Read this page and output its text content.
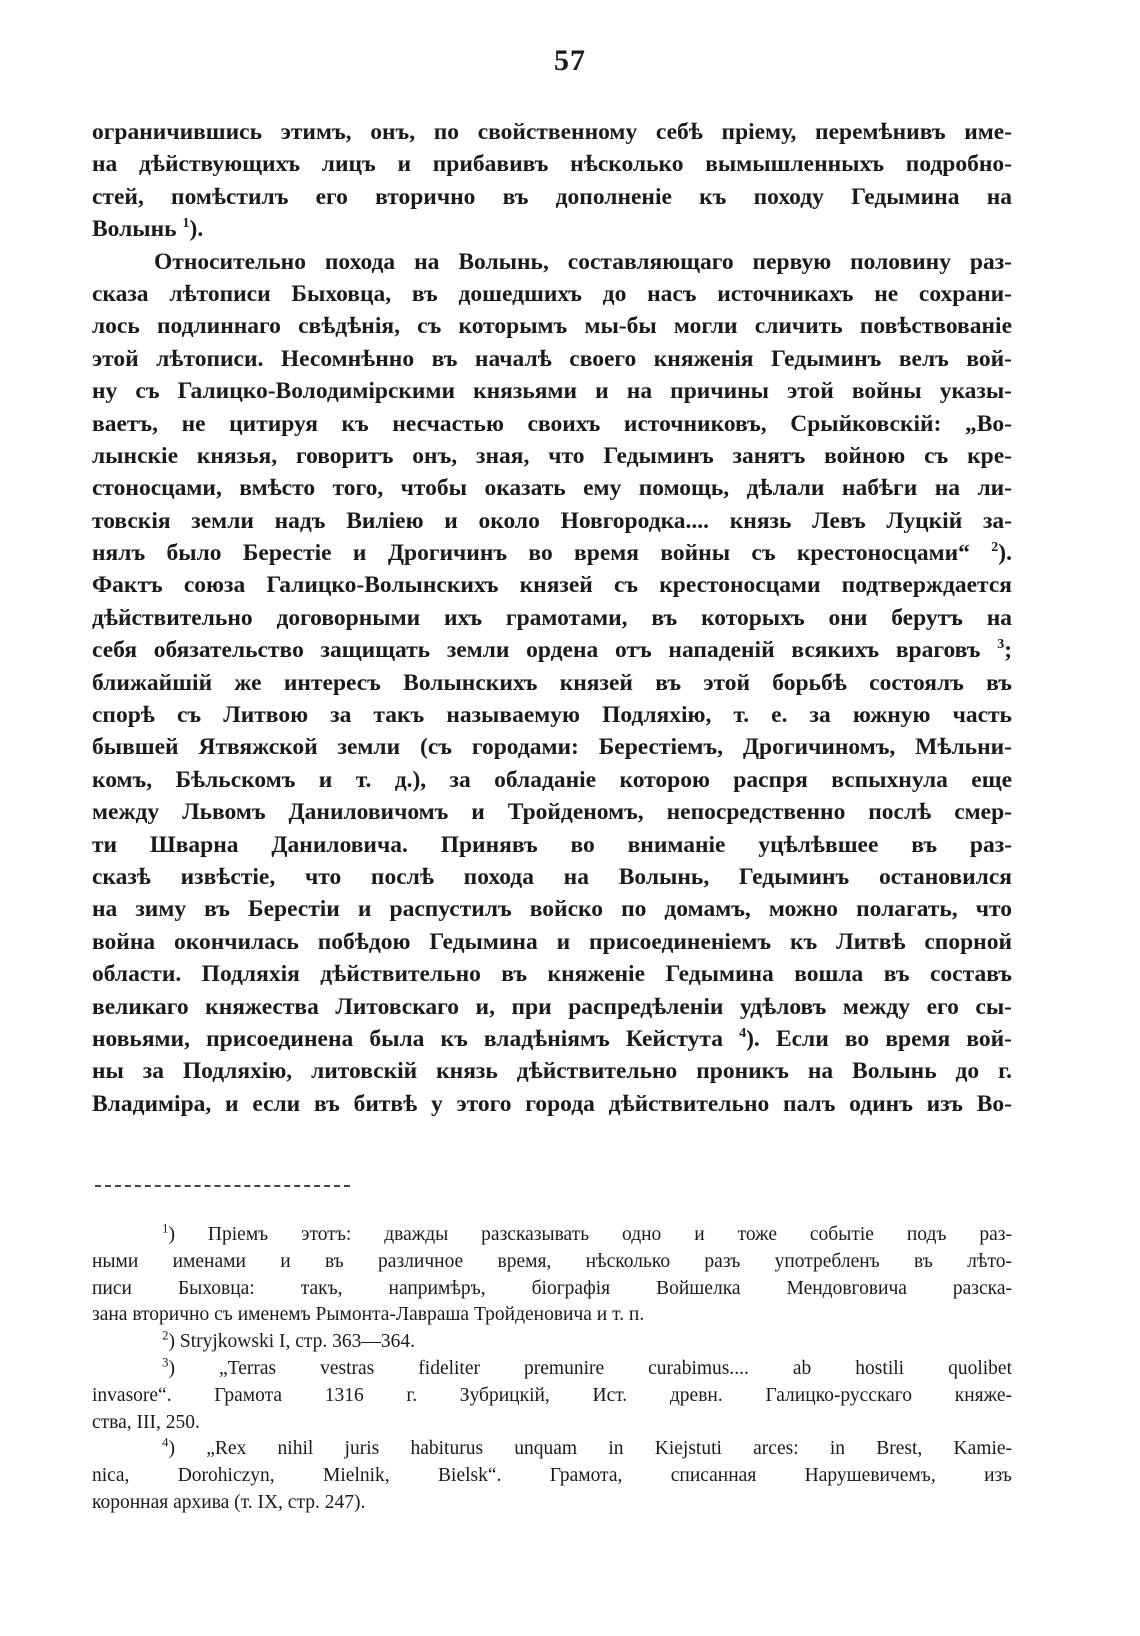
57
ограничившись этимъ, онъ, по свойственному себѣ пріему, перемѣнивъ име-
на дѣйствующихъ лицъ и прибавивъ нѣсколько вымышленныхъ подробно-
стей, помѣстилъ его вторично въ дополненіе къ походу Гедымина на
Волынь $^1$).
Относительно похода на Волынь, составляющаго первую половину раз-
сказа лѣтописи Быховца, въ дошедшихъ до насъ источникахъ не сохрани-
лось подлиннаго свѣдѣнія, съ которымъ мы-бы могли сличить повѣствованіе
этой лѣтописи. Несомнѣнно въ началѣ своего княженія Гедыминъ велъ вой-
ну съ Галицко-Володимірскими князьями и на причины этой войны указы-
ваетъ, не цитируя къ несчастью своихъ источниковъ, Срыйковскій: „Во-
лынскіе князья, говоритъ онъ, зная, что Гедыминъ занятъ войною съ кре-
стоносцами, вмѣсто того, чтобы оказать ему помощь, дѣлали набѣги на ли-
товскія земли надъ Виліею и около Новгородка.... князь Левъ Луцкій за-
нялъ было Берестіе и Дрогичинъ во время войны съ крестоносцами“ $^2$).
Фактъ союза Галицко-Волынскихъ князей съ крестоносцами подтверждается
дѣйствительно договорными ихъ грамотами, въ которыхъ они берутъ на
себя обязательство защищать земли ордена отъ нападеній всякихъ враговъ $^3$;
ближайшій же интересъ Волынскихъ князей въ этой борьбѣ состоялъ въ
спорѣ съ Литвою за такъ называемую Подляхію, т. е. за южную часть
бывшей Ятвяжской земли (съ городами: Берестіемъ, Дрогичиномъ, Мѣльни-
комъ, Бѣльскомъ и т. д.), за обладаніе которою распря вспыхнула еще
между Львомъ Даниловичомъ и Тройденомъ, непосредственно послѣ смер-
ти Шварна Даниловича. Принявъ во вниманіе уцѣлѣвшее въ раз-
сказѣ извѣстіе, что послѣ похода на Волынь, Гедыминъ остановился
на зиму въ Берестіи и распустилъ войско по домамъ, можно полагать, что
война окончилась побѣдою Гедымина и присоединеніемъ къ Литвѣ спорной
области. Подляхія дѣйствительно въ княженіе Гедымина вошла въ составъ
великаго княжества Литовскаго и, при распредѣленіи удѣловъ между его сы-
новьями, присоединена была къ владѣніямъ Кейстута $^4$). Если во время вой-
ны за Подляхію, литовскій князь дѣйствительно проникъ на Волынь до г.
Владиміра, и если въ битвѣ у этого города дѣйствительно палъ одинъ изъ Во-
$^1$) Пріемъ этотъ: дважды разсказывать одно и тоже событіе подъ раз-
ными именами и въ различное время, нѣсколько разъ употребленъ въ лѣто-
писи Быховца: такъ, напримѣръ, біографія Войшелка Мендовговича разска-
зана вторично съ именемъ Рымонта-Лавраша Тройденовича и т. п.
$^2$) Stryjkowski I, стр. 363—364.
$^3$) „Terras vestras fideliter premunire curabimus.... ab hostili quolibet
invasore“. Грамота 1316 г. Зубрицкій, Ист. древн. Галицко-русскаго княже-
ства, III, 250.
$^4$) „Rex nihil juris habiturus unquam in Kiejstuti arces: in Brest, Kamie-
nica, Dorohiczyn, Mielnik, Bielsk“. Грамота, списанная Нарушевичемъ, изъ
коронная архива (т. IX, стр. 247).
